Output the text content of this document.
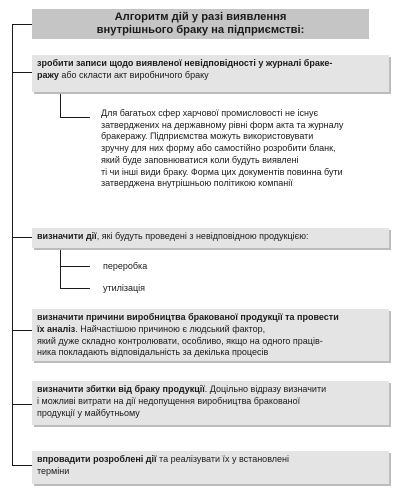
Алгоритм дій у разі виявлення
внутрішнього браку на підприємстві:
зробити записи щодо виявленої невідповідності у журналі браке-
ражу або скласти акт виробничого браку
Для багатьох сфер харчової промисловості не існує
затверджених на державному рівні форм акта та журналу
бракеражу. Підприємства можуть використовувати
зручну для них форму або самостійно розробити бланк,
який буде заповнюватися коли будуть виявлені
ті чи інші види браку. Форма цих документів повинна бути
затверджена внутрішньою політикою компанії
визначити дії, які будуть проведені з невідповідною продукцією:
переробка
утилізація
визначити причини виробництва бракованої продукції та провести
їх аналіз. Найчастішою причиною є людський фактор,
який дуже складно контролювати, особливо, якщо на одного праців-
ника покладають відповідальність за декілька процесів
визначити збитки від браку продукції. Доцільно відразу визначити
і можливі витрати на дії недопущення виробництва бракованої
продукції у майбутньому
впровадити розроблені дії та реалізувати їх у встановлені
терміни
